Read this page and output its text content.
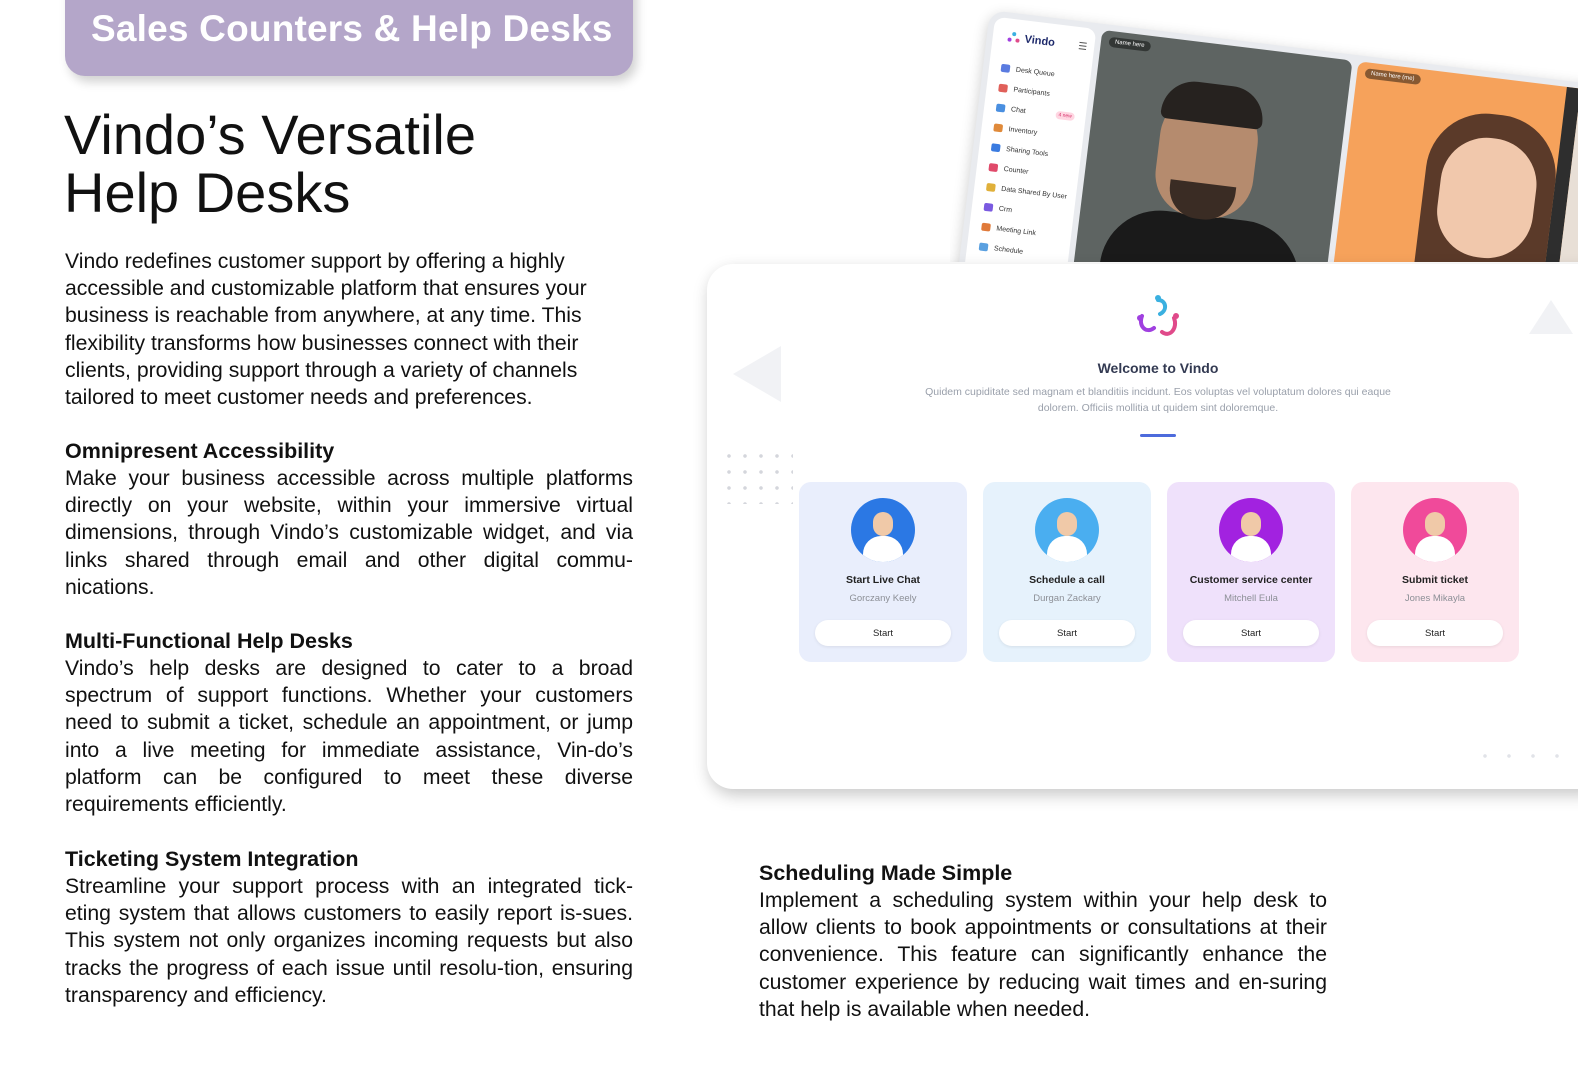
Sales Counters & Help Desks
Vindo’s Versatile
Help Desks

Vindo redefines customer support by offering a highly accessible and customizable platform that ensures your business is reachable from anywhere, at any time. This flexibility transforms how businesses connect with their clients, providing support through a variety of channels tailored to meet customer needs and preferences.

Omnipresent Accessibility

Make your business accessible across multiple platforms directly on your website, within your immersive virtual dimensions, through Vindo’s customizable widget, and via links shared through email and other digital commu-nications.

Multi-Functional Help Desks

Vindo’s help desks are designed to cater to a broad spectrum of support functions. Whether your customers need to submit a ticket, schedule an appointment, or jump into a live meeting for immediate assistance, Vin-do’s platform can be configured to meet these diverse requirements efficiently.

Ticketing System Integration

Streamline your support process with an integrated tick-eting system that allows customers to easily report is-sues. This system not only organizes incoming requests but also tracks the progress of each issue until resolu-tion, ensuring transparency and efficiency.

Scheduling Made Simple

Implement a scheduling system within your help desk to allow clients to book appointments or consultations at their convenience. This feature can significantly enhance the customer experience by reducing wait times and en-suring that help is available when needed.

Vindo ☰
Desk Queue
Participants
Chat
4 new
Inventory
Sharing Tools
Counter
Data Shared By User
Crm
Meeting Link
Schedule
Name here
Name here (me)
Welcome to Vindo
Quidem cupiditate sed magnam et blanditiis incidunt. Eos voluptas vel voluptatum dolores qui eaque dolorem. Officiis mollitia ut quidem sint doloremque.
Start Live Chat
Gorczany Keely
Start
Schedule a call
Durgan Zackary
Start
Customer service center
Mitchell Eula
Start
Submit ticket
Jones Mikayla
Start
